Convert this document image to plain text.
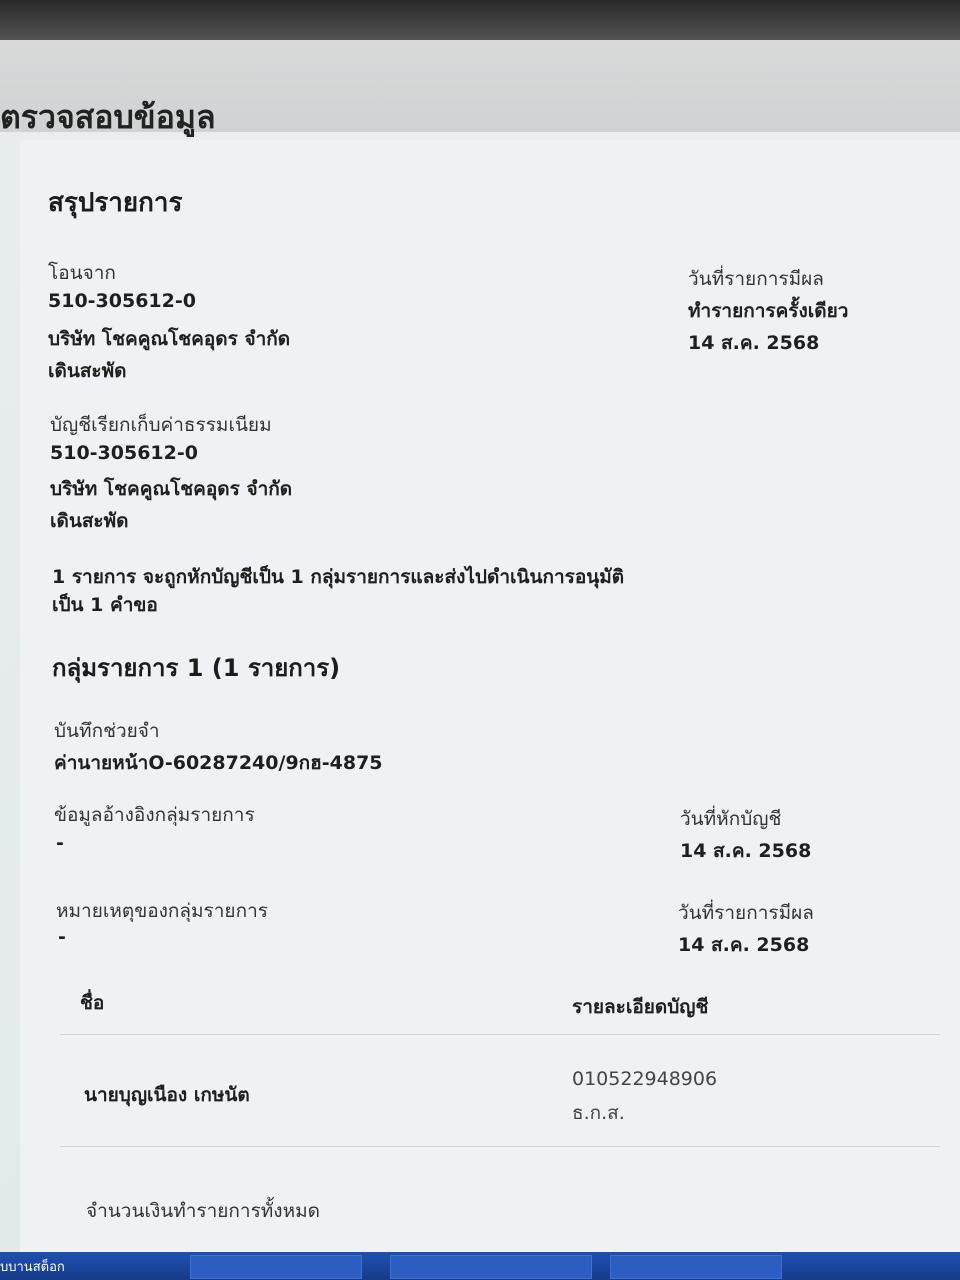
ตรวจสอบข้อมูล
สรุปรายการ
โอนจาก
510-305612-0
บริษัท โชคคูณโชคอุดร จำกัด
เดินสะพัด
วันที่รายการมีผล
ทำรายการครั้งเดียว
14 ส.ค. 2568
บัญชีเรียกเก็บค่าธรรมเนียม
510-305612-0
บริษัท โชคคูณโชคอุดร จำกัด
เดินสะพัด
1 รายการ จะถูกหักบัญชีเป็น 1 กลุ่มรายการและส่งไปดำเนินการอนุมัติ
เป็น 1 คำขอ
กลุ่มรายการ 1 (1 รายการ)
บันทึกช่วยจำ
ค่านายหน้าO-60287240/9กฮ-4875
ข้อมูลอ้างอิงกลุ่มรายการ
-
วันที่หักบัญชี
14 ส.ค. 2568
หมายเหตุของกลุ่มรายการ
-
วันที่รายการมีผล
14 ส.ค. 2568
ชื่อ	รายละเอียดบัญชี
นายบุญเนือง เกษนัต
010522948906
ธ.ก.ส.
จำนวนเงินทำรายการทั้งหมด
บบานสต็อก
